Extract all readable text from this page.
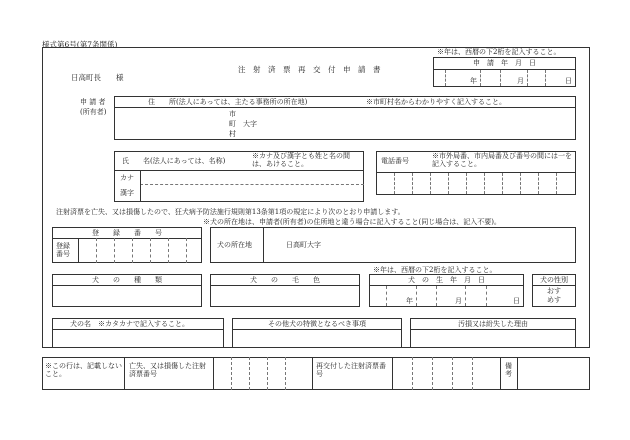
様式第6号(第7条関係)
注　射　済　票　再　交　付　申　請　書
※年は、西暦の下2桁を記入すること。
申　請　年　月　日
年	月	日
日高町長　　様
申 請 者
(所有者)
住　　所(法人にあっては、主たる事務所の所在地)	※市町村名からわかりやすく記入すること。
市
町　大字
村
氏　　名(法人にあっては、名称)
※カナ及び漢字とも姓と名の間は、あけること。
カナ
漢字
電話番号
※市外局番、市内局番及び番号の間には一を記入すること。
注射済票を亡失、又は損傷したので、狂犬病予防法施行規則第13条第1項の規定により次のとおり申請します。
※犬の所在地は、申請者(所有者)の住所地と違う場合に記入すること(同じ場合は、記入不要)。
登　　録　　番　　号
登録番号
犬の所在地	日高町大字
※年は、西暦の下2桁を記入すること。
犬　　の　　種　　類	犬　　の　　毛　　色	犬　の　生　年　月　日
年	月	日
犬の性別
おす
めす
犬の名　※カタカナで記入すること。	その他犬の特徴となるべき事項	汚損又は紛失した理由
※この行は、記載しないこと。
亡失、又は損傷した注射済票番号
再交付した注射済票番号
備考
